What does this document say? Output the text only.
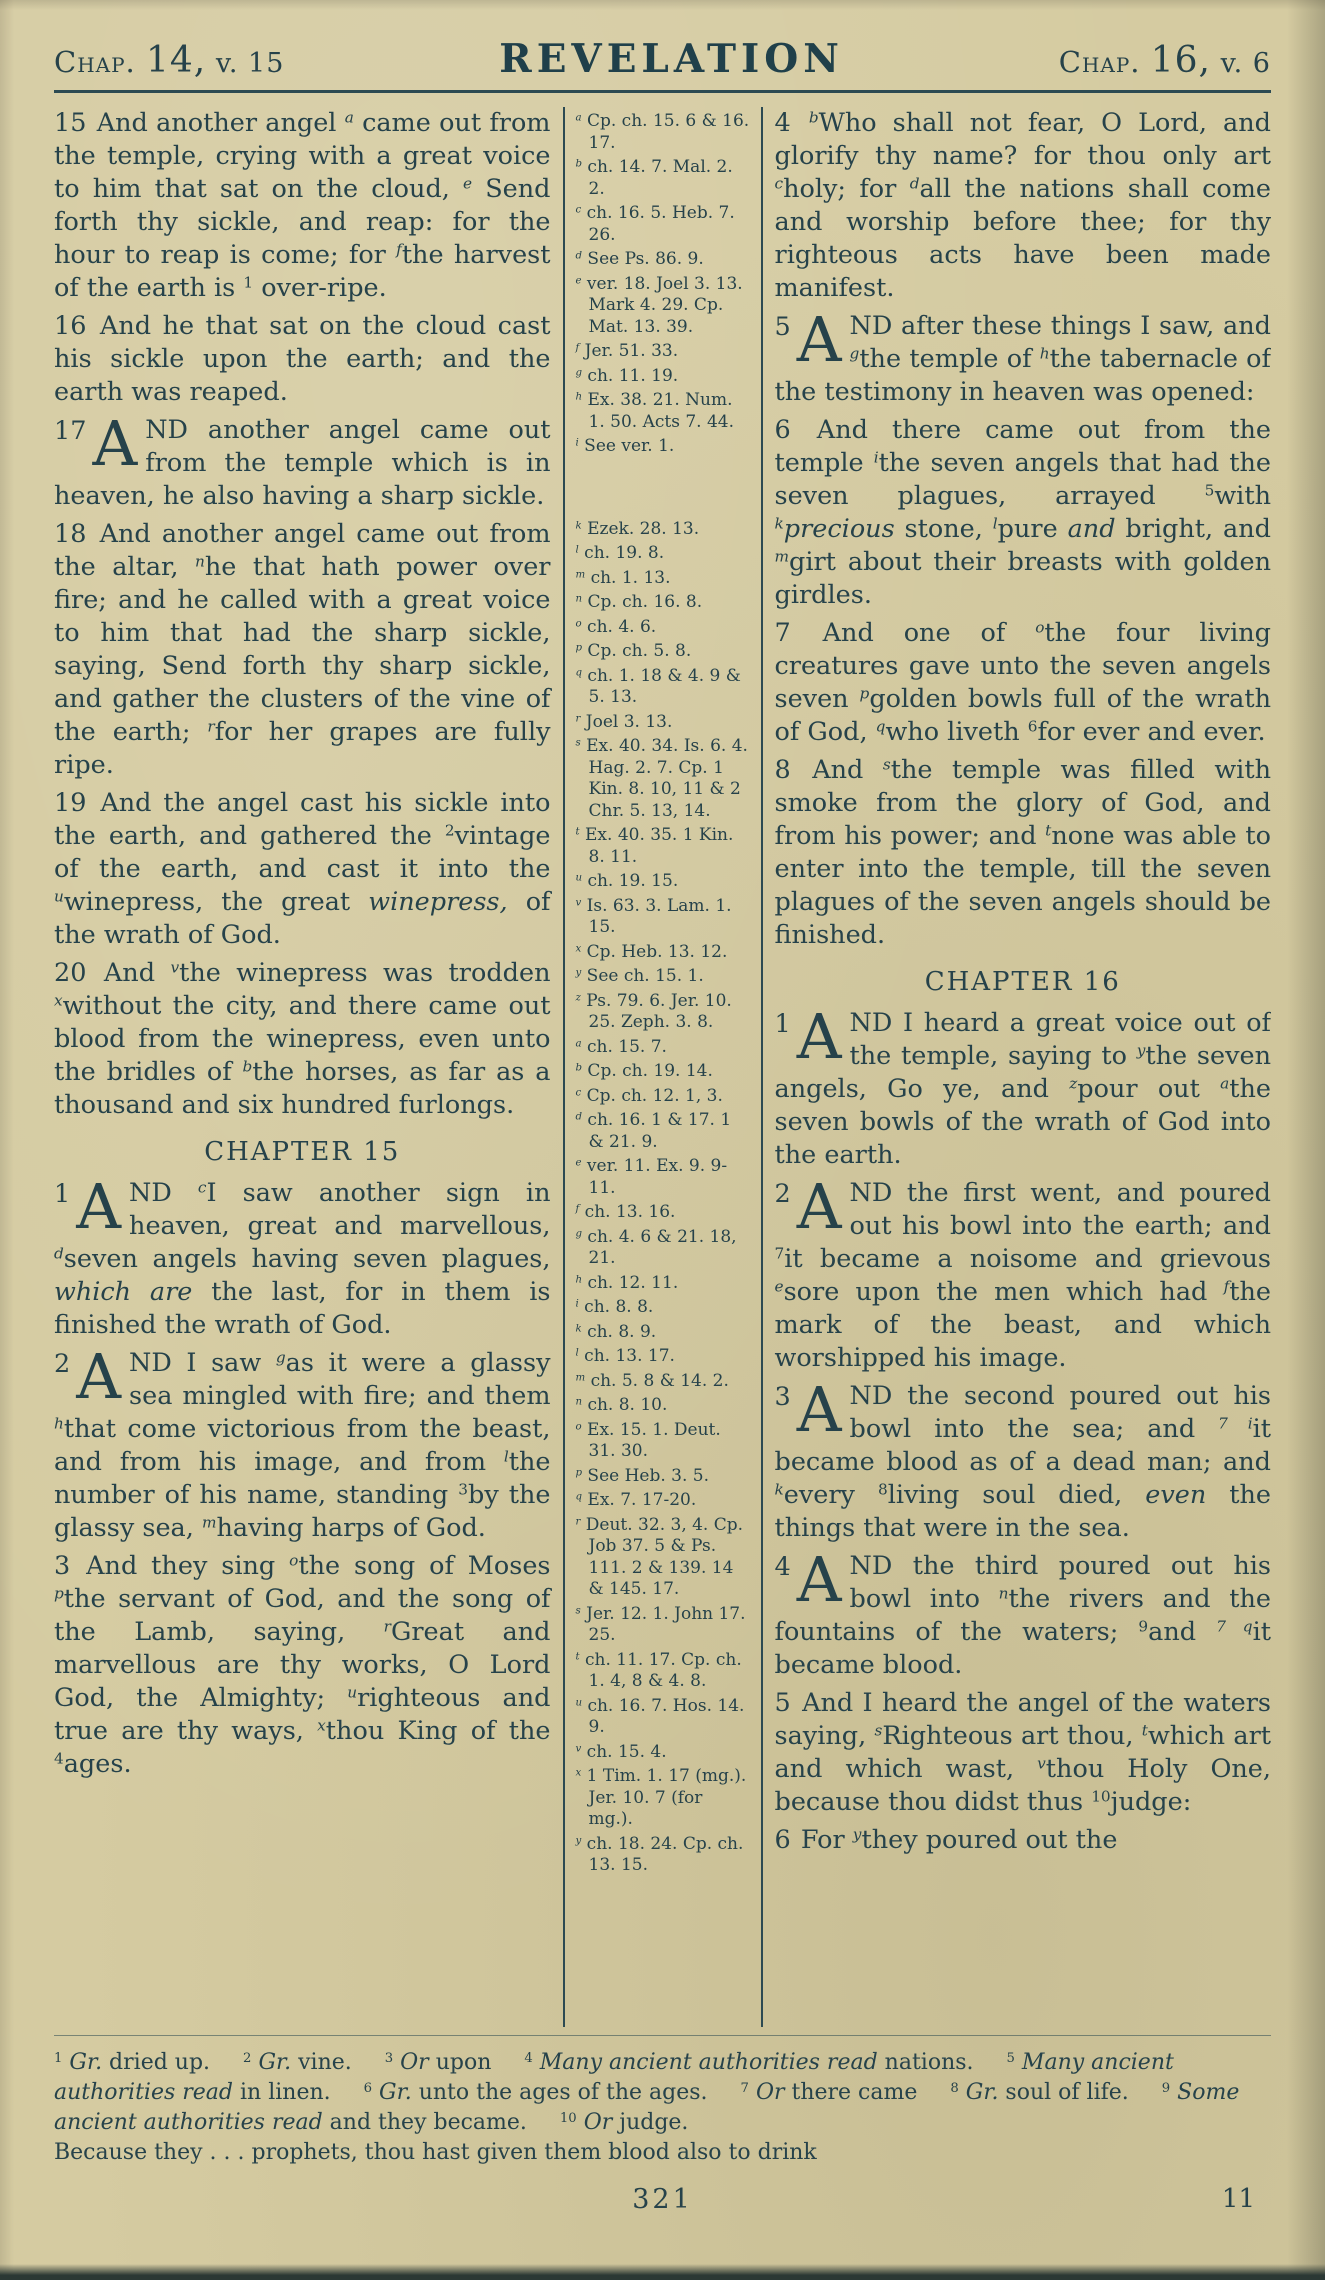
Chap. 14, v. 15	REVELATION	Chap. 16, v. 6
15 And another angel $^a$ came out from the temple, crying with a great voice to him that sat on the cloud, $^e$ Send forth thy sickle, and reap: for the hour to reap is come; for $^f$the harvest of the earth is $^1$ over-ripe.
16 And he that sat on the cloud cast his sickle upon the earth; and the earth was reaped.
17 A ND another angel came out from the temple which is in heaven, he also having a sharp sickle.
18 And another angel came out from the altar, $^n$he that hath power over fire; and he called with a great voice to him that had the sharp sickle, saying, Send forth thy sharp sickle, and gather the clusters of the vine of the earth; $^r$for her grapes are fully ripe.
19 And the angel cast his sickle into the earth, and gathered the $^2$vintage of the earth, and cast it into the $^u$winepress, the great winepress, of the wrath of God.
20 And $^v$the winepress was trodden $^x$without the city, and there came out blood from the winepress, even unto the bridles of $^b$the horses, as far as a thousand and six hundred furlongs.
CHAPTER 15
1 A ND $^c$I saw another sign in heaven, great and marvellous, $^d$seven angels having seven plagues, which are the last, for in them is finished the wrath of God.
2 A ND I saw $^g$as it were a glassy sea mingled with fire; and them $^h$that come victorious from the beast, and from his image, and from $^l$the number of his name, standing $^3$by the glassy sea, $^m$having harps of God.
3 And they sing $^o$the song of Moses $^p$the servant of God, and the song of the Lamb, saying, $^r$Great and marvellous are thy works, O Lord God, the Almighty; $^u$righteous and true are thy ways, $^x$thou King of the $^4$ages.
$^a$ Cp. ch. 15. 6 & 16. 17.
$^b$ ch. 14. 7. Mal. 2. 2.
$^c$ ch. 16. 5. Heb. 7. 26.
$^d$ See Ps. 86. 9.
$^e$ ver. 18. Joel 3. 13. Mark 4. 29. Cp. Mat. 13. 39.
$^f$ Jer. 51. 33.
$^g$ ch. 11. 19.
$^h$ Ex. 38. 21. Num. 1. 50. Acts 7. 44.
$^i$ See ver. 1.
$^k$ Ezek. 28. 13.
$^l$ ch. 19. 8.
$^m$ ch. 1. 13.
$^n$ Cp. ch. 16. 8.
$^o$ ch. 4. 6.
$^p$ Cp. ch. 5. 8.
$^q$ ch. 1. 18 & 4. 9 & 5. 13.
$^r$ Joel 3. 13.
$^s$ Ex. 40. 34. Is. 6. 4. Hag. 2. 7. Cp. 1 Kin. 8. 10, 11 & 2 Chr. 5. 13, 14.
$^t$ Ex. 40. 35. 1 Kin. 8. 11.
$^u$ ch. 19. 15.
$^v$ Is. 63. 3. Lam. 1. 15.
$^x$ Cp. Heb. 13. 12.
$^y$ See ch. 15. 1.
$^z$ Ps. 79. 6. Jer. 10. 25. Zeph. 3. 8.
$^a$ ch. 15. 7.
$^b$ Cp. ch. 19. 14.
$^c$ Cp. ch. 12. 1, 3.
$^d$ ch. 16. 1 & 17. 1 & 21. 9.
$^e$ ver. 11. Ex. 9. 9-11.
$^f$ ch. 13. 16.
$^g$ ch. 4. 6 & 21. 18, 21.
$^h$ ch. 12. 11.
$^i$ ch. 8. 8.
$^k$ ch. 8. 9.
$^l$ ch. 13. 17.
$^m$ ch. 5. 8 & 14. 2.
$^n$ ch. 8. 10.
$^o$ Ex. 15. 1. Deut. 31. 30.
$^p$ See Heb. 3. 5.
$^q$ Ex. 7. 17-20.
$^r$ Deut. 32. 3, 4. Cp. Job 37. 5 & Ps. 111. 2 & 139. 14 & 145. 17.
$^s$ Jer. 12. 1. John 17. 25.
$^t$ ch. 11. 17. Cp. ch. 1. 4, 8 & 4. 8.
$^u$ ch. 16. 7. Hos. 14. 9.
$^v$ ch. 15. 4.
$^x$ 1 Tim. 1. 17 (mg.). Jer. 10. 7 (for mg.).
$^y$ ch. 18. 24. Cp. ch. 13. 15.
4 $^b$Who shall not fear, O Lord, and glorify thy name? for thou only art $^c$holy; for $^d$all the nations shall come and worship before thee; for thy righteous acts have been made manifest.
5 A ND after these things I saw, and $^g$the temple of $^h$the tabernacle of the testimony in heaven was opened:
6 And there came out from the temple $^i$the seven angels that had the seven plagues, arrayed $^5$with $^k$precious stone, $^l$pure and bright, and $^m$girt about their breasts with golden girdles.
7 And one of $^o$the four living creatures gave unto the seven angels seven $^p$golden bowls full of the wrath of God, $^q$who liveth $^6$for ever and ever.
8 And $^s$the temple was filled with smoke from the glory of God, and from his power; and $^t$none was able to enter into the temple, till the seven plagues of the seven angels should be finished.
CHAPTER 16
1 A ND I heard a great voice out of the temple, saying to $^y$the seven angels, Go ye, and $^z$pour out $^a$the seven bowls of the wrath of God into the earth.
2 A ND the first went, and poured out his bowl into the earth; and $^7$it became a noisome and grievous $^e$sore upon the men which had $^f$the mark of the beast, and which worshipped his image.
3 A ND the second poured out his bowl into the sea; and $^{7 i}$it became blood as of a dead man; and $^k$every $^8$living soul died, even the things that were in the sea.
4 A ND the third poured out his bowl into $^n$the rivers and the fountains of the waters; $^9$and $^{7 q}$it became blood.
5 And I heard the angel of the waters saying, $^s$Righteous art thou, $^t$which art and which wast, $^v$thou Holy One, because thou didst thus $^{10}$judge:
6 For $^y$they poured out the
$^1$ Gr. dried up.	$^2$ Gr. vine.	$^3$ Or upon	$^4$ Many ancient authorities read nations.	$^5$ Many ancient authorities read in linen.	$^6$ Gr. unto the ages of the ages.	$^7$ Or there came	$^8$ Gr. soul of life.	$^9$ Some ancient authorities read and they became.	$^{10}$ Or judge.
Because they . . . prophets, thou hast given them blood also to drink
321	11
